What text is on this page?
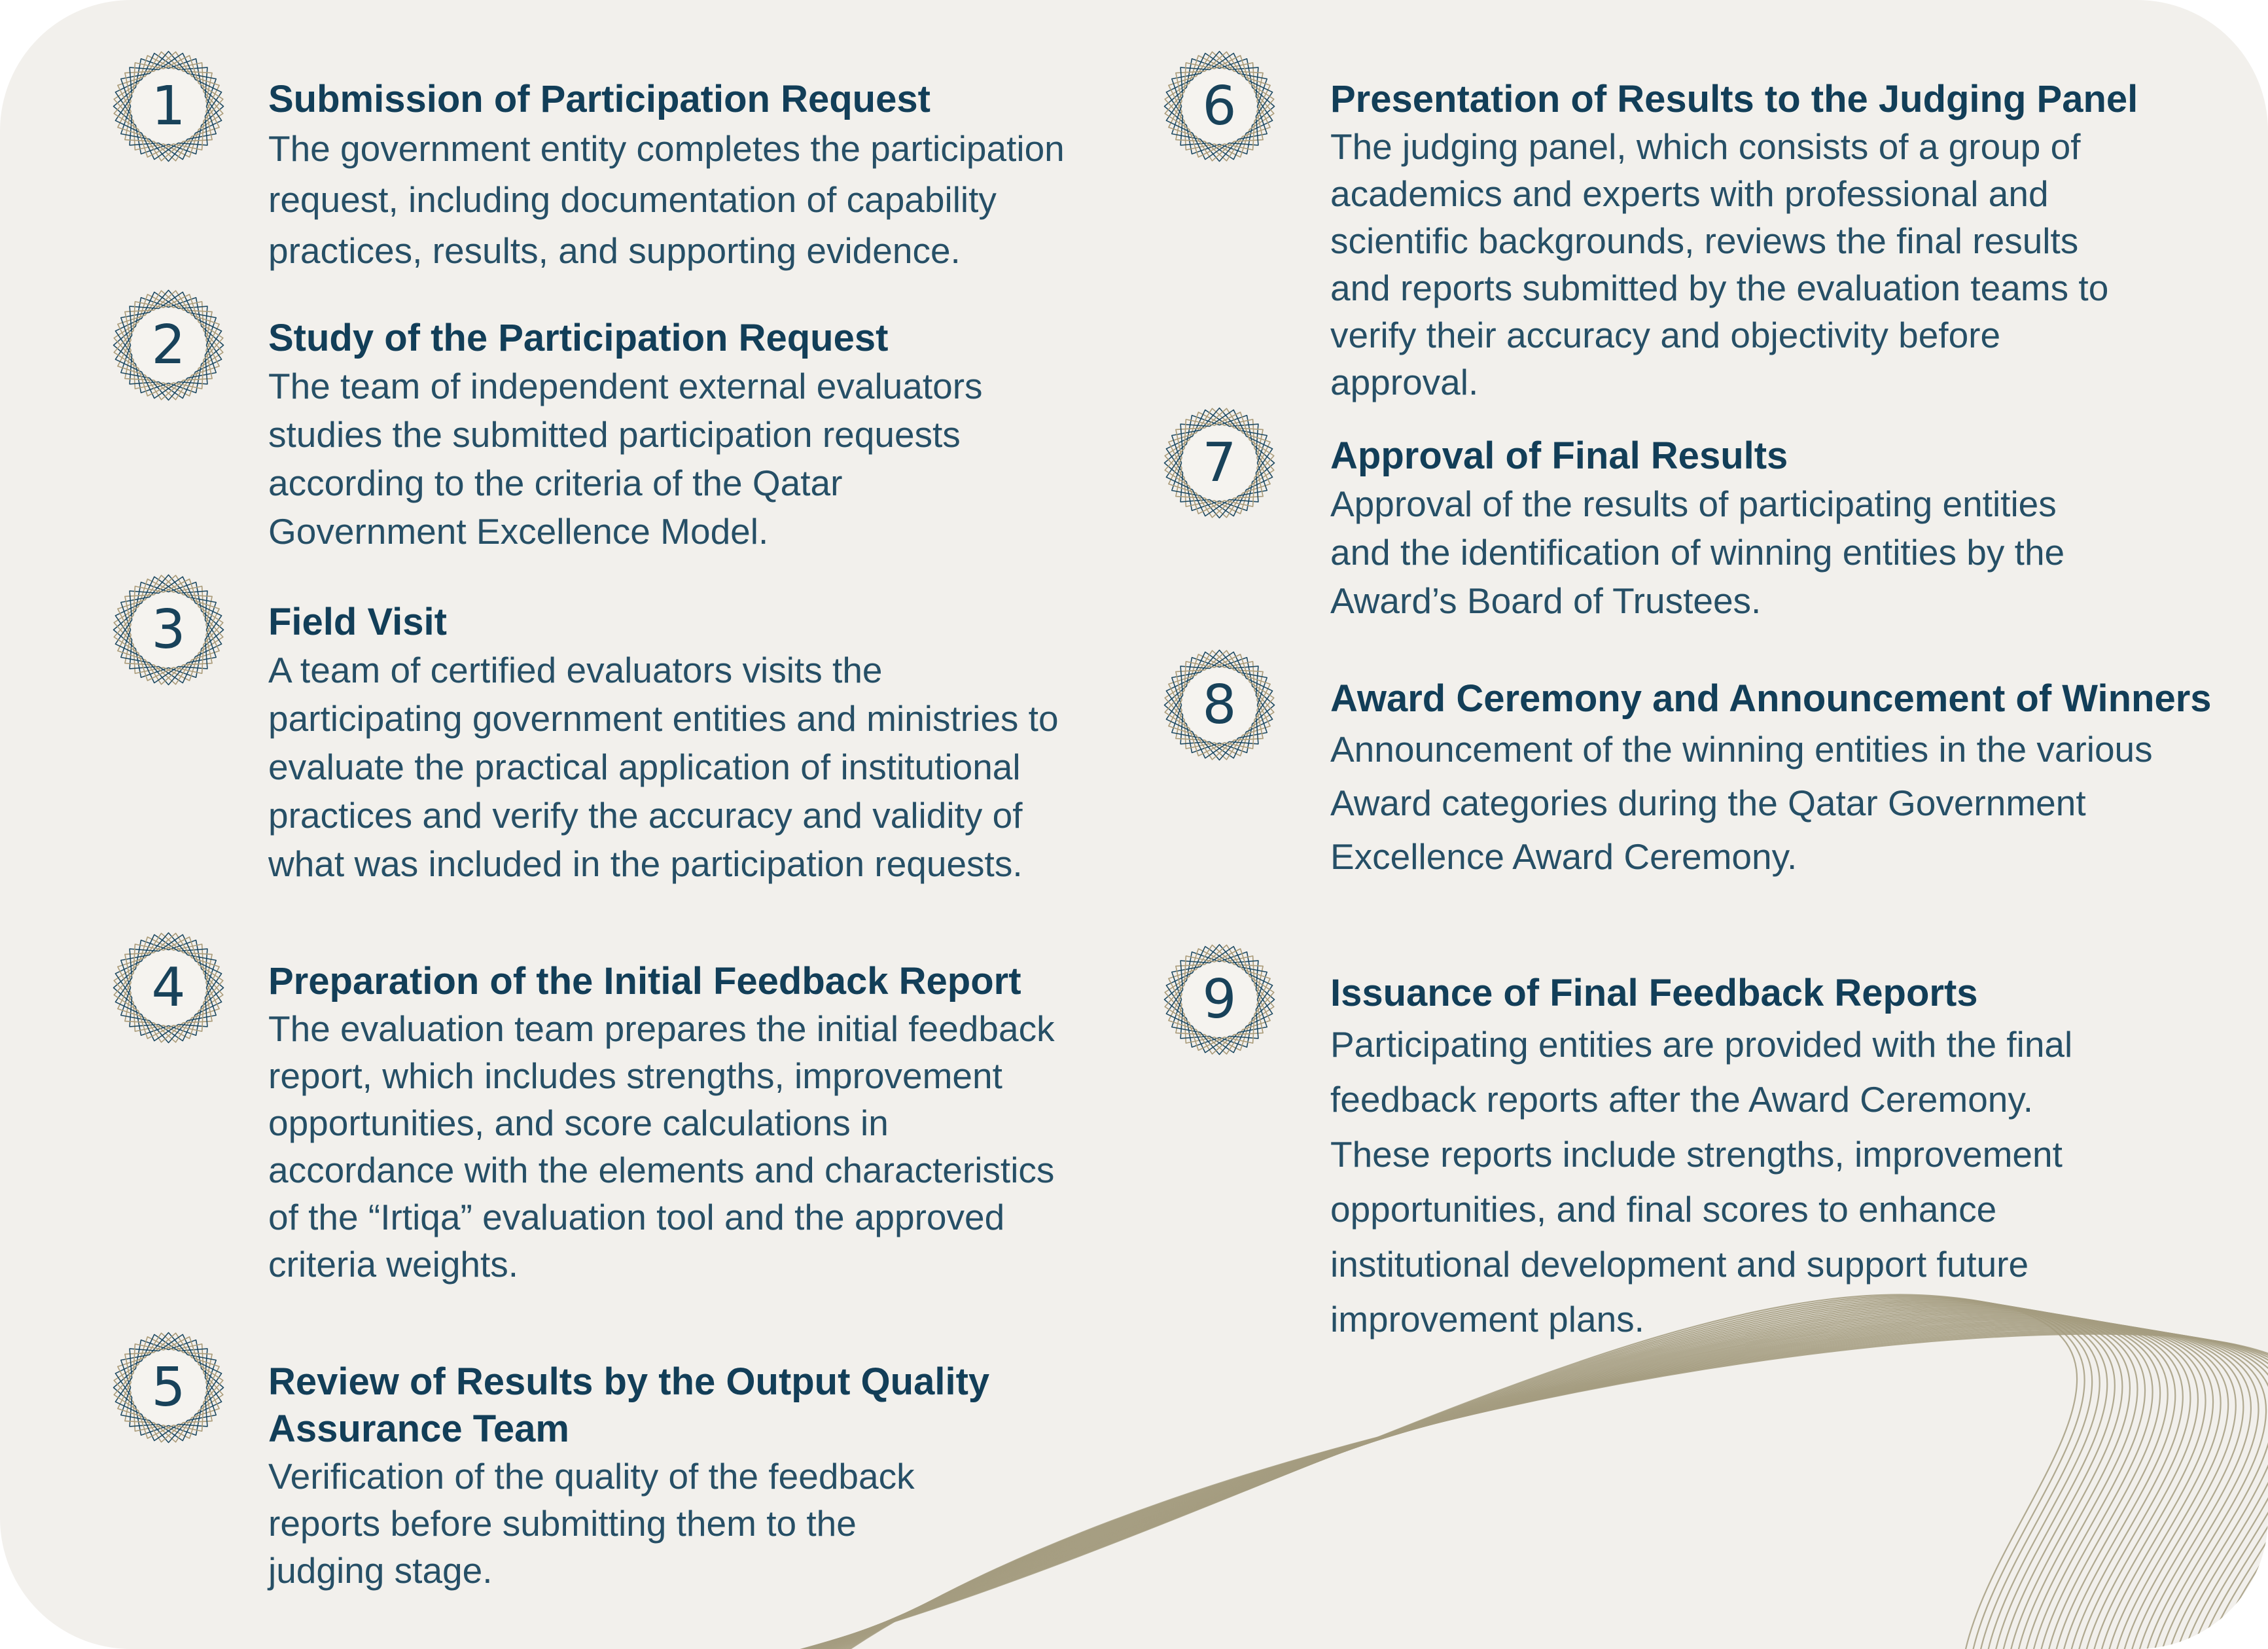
1	Submission of Participation Request
The government entity completes the participation
request, including documentation of capability
practices, results, and supporting evidence.
2	Study of the Participation Request
The team of independent external evaluators
studies the submitted participation requests
according to the criteria of the Qatar
Government Excellence Model.
3	Field Visit
A team of certified evaluators visits the
participating government entities and ministries to
evaluate the practical application of institutional
practices and verify the accuracy and validity of
what was included in the participation requests.
4	Preparation of the Initial Feedback Report
The evaluation team prepares the initial feedback
report, which includes strengths, improvement
opportunities, and score calculations in
accordance with the elements and characteristics
of the “Irtiqa” evaluation tool and the approved
criteria weights.
5	Review of Results by the Output Quality Assurance Team
Verification of the quality of the feedback
reports before submitting them to the
judging stage.
6	Presentation of Results to the Judging Panel
The judging panel, which consists of a group of
academics and experts with professional and
scientific backgrounds, reviews the final results
and reports submitted by the evaluation teams to
verify their accuracy and objectivity before
approval.
7	Approval of Final Results
Approval of the results of participating entities
and the identification of winning entities by the
Award’s Board of Trustees.
8	Award Ceremony and Announcement of Winners
Announcement of the winning entities in the various
Award categories during the Qatar Government
Excellence Award Ceremony.
9	Issuance of Final Feedback Reports
Participating entities are provided with the final
feedback reports after the Award Ceremony.
These reports include strengths, improvement
opportunities, and final scores to enhance
institutional development and support future
improvement plans.
